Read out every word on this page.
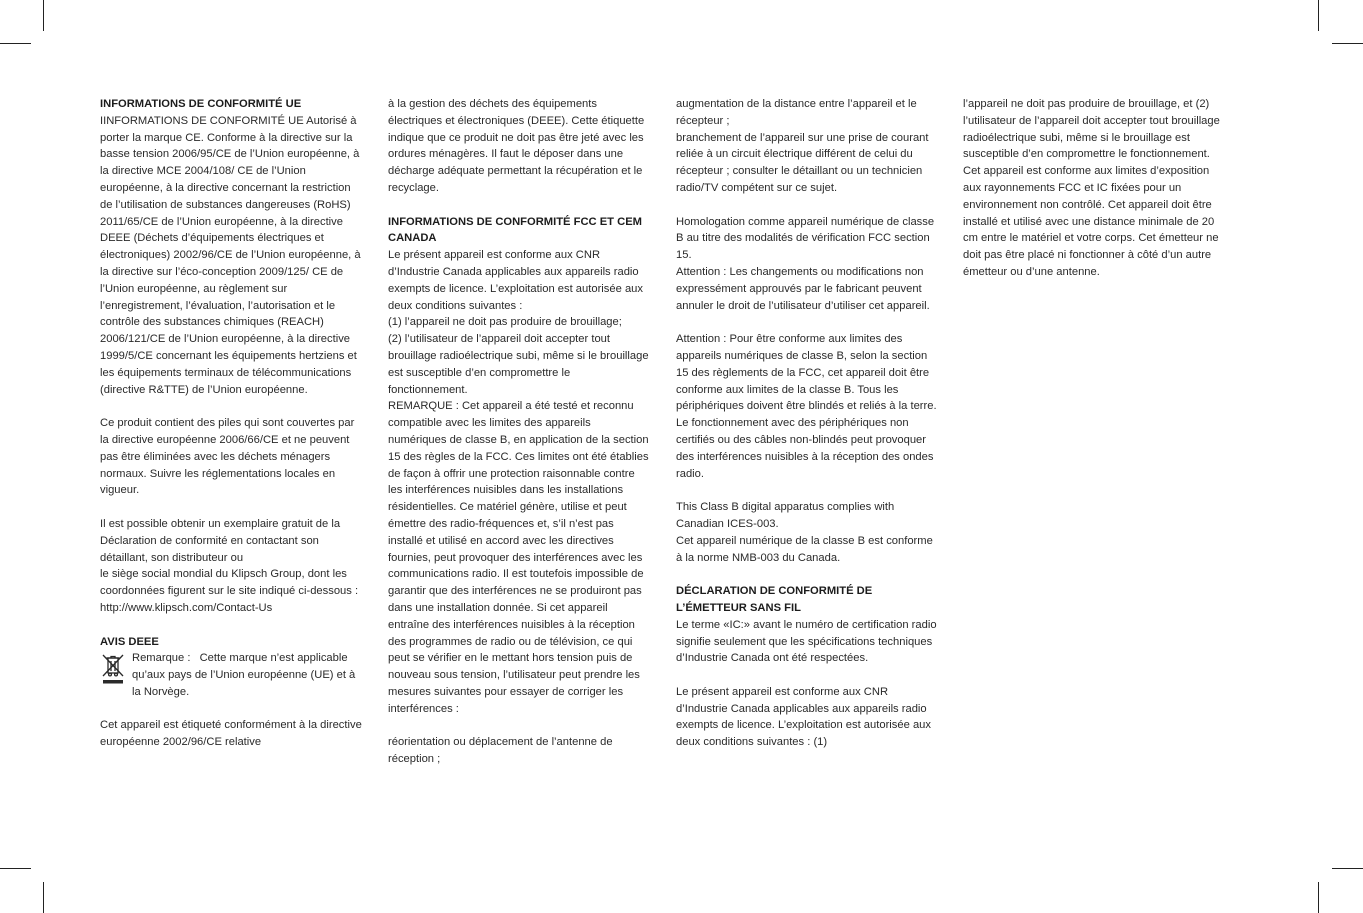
INFORMATIONS DE CONFORMITÉ UE

IINFORMATIONS DE CONFORMITÉ UE Autorisé à porter la marque CE. Conforme à la directive sur la basse tension 2006/95/CE de l’Union européenne, à la directive MCE 2004/108/ CE de l’Union européenne, à la directive concernant la restriction de l’utilisation de substances dangereuses (RoHS) 2011/65/CE de l’Union européenne, à la directive DEEE (Déchets d’équipements électriques et électroniques) 2002/96/CE de l’Union européenne, à la directive sur l’éco-conception 2009/125/ CE de l’Union européenne, au règlement sur l’enregistrement, l’évaluation, l’autorisation et le contrôle des substances chimiques (REACH) 2006/121/CE de l’Union européenne, à la directive 1999/5/CE concernant les équipements hertziens et les équipements terminaux de télécommunications (directive R&TTE) de l’Union européenne.

Ce produit contient des piles qui sont couvertes par la directive européenne 2006/66/CE et ne peuvent pas être éliminées avec les déchets ménagers normaux. Suivre les réglementations locales en vigueur.

Il est possible obtenir un exemplaire gratuit de la Déclaration de conformité en contactant son détaillant, son distributeur ou

le siège social mondial du Klipsch Group, dont les coordonnées figurent sur le site indiqué ci-dessous :

http://www.klipsch.com/Contact-Us

AVIS DEEE
Remarque : Cette marque n’est applicable qu’aux pays de l’Union européenne (UE) et à la Norvège.

Cet appareil est étiqueté conformément à la directive européenne 2002/96/CE relative

à la gestion des déchets des équipements électriques et électroniques (DEEE). Cette étiquette indique que ce produit ne doit pas être jeté avec les ordures ménagères. Il faut le déposer dans une décharge adéquate permettant la récupération et le recyclage.

INFORMATIONS DE CONFORMITÉ FCC ET CEM CANADA

Le présent appareil est conforme aux CNR d’Industrie Canada applicables aux appareils radio exempts de licence. L’exploitation est autorisée aux deux conditions suivantes :

(1) l’appareil ne doit pas produire de brouillage;

(2) l’utilisateur de l’appareil doit accepter tout brouillage radioélectrique subi, même si le brouillage est susceptible d’en compromettre le fonctionnement.

REMARQUE : Cet appareil a été testé et reconnu compatible avec les limites des appareils numériques de classe B, en application de la section 15 des règles de la FCC. Ces limites ont été établies de façon à offrir une protection raisonnable contre les interférences nuisibles dans les installations résidentielles. Ce matériel génère, utilise et peut émettre des radio-fréquences et, s’il n’est pas installé et utilisé en accord avec les directives fournies, peut provoquer des interférences avec les communications radio. Il est toutefois impossible de garantir que des interférences ne se produiront pas dans une installation donnée. Si cet appareil entraîne des interférences nuisibles à la réception des programmes de radio ou de télévision, ce qui peut se vérifier en le mettant hors tension puis de nouveau sous tension, l’utilisateur peut prendre les mesures suivantes pour essayer de corriger les interférences :

réorientation ou déplacement de l’antenne de réception ;

augmentation de la distance entre l’appareil et le récepteur ;

branchement de l’appareil sur une prise de courant reliée à un circuit électrique différent de celui du récepteur ; consulter le détaillant ou un technicien radio/TV compétent sur ce sujet.

Homologation comme appareil numérique de classe B au titre des modalités de vérification FCC section 15.

Attention : Les changements ou modifications non expressément approuvés par le fabricant peuvent annuler le droit de l’utilisateur d’utiliser cet appareil.

Attention : Pour être conforme aux limites des appareils numériques de classe B, selon la section 15 des règlements de la FCC, cet appareil doit être conforme aux limites de la classe B. Tous les périphériques doivent être blindés et reliés à la terre. Le fonctionnement avec des périphériques non certifiés ou des câbles non-blindés peut provoquer des interférences nuisibles à la réception des ondes radio.

This Class B digital apparatus complies with Canadian ICES-003.

Cet appareil numérique de la classe B est conforme à la norme NMB-003 du Canada.

DÉCLARATION DE CONFORMITÉ DE L’ÉMETTEUR SANS FIL

Le terme «IC:» avant le numéro de certification radio signifie seulement que les spécifications techniques d’Industrie Canada ont été respectées.

Le présent appareil est conforme aux CNR d’Industrie Canada applicables aux appareils radio exempts de licence. L’exploitation est autorisée aux deux conditions suivantes : (1)

l’appareil ne doit pas produire de brouillage, et (2) l’utilisateur de l’appareil doit accepter tout brouillage radioélectrique subi, même si le brouillage est susceptible d’en compromettre le fonctionnement.

Cet appareil est conforme aux limites d’exposition aux rayonnements FCC et IC fixées pour un environnement non contrôlé. Cet appareil doit être installé et utilisé avec une distance minimale de 20 cm entre le matériel et votre corps. Cet émetteur ne doit pas être placé ni fonctionner à côté d’un autre émetteur ou d’une antenne.
